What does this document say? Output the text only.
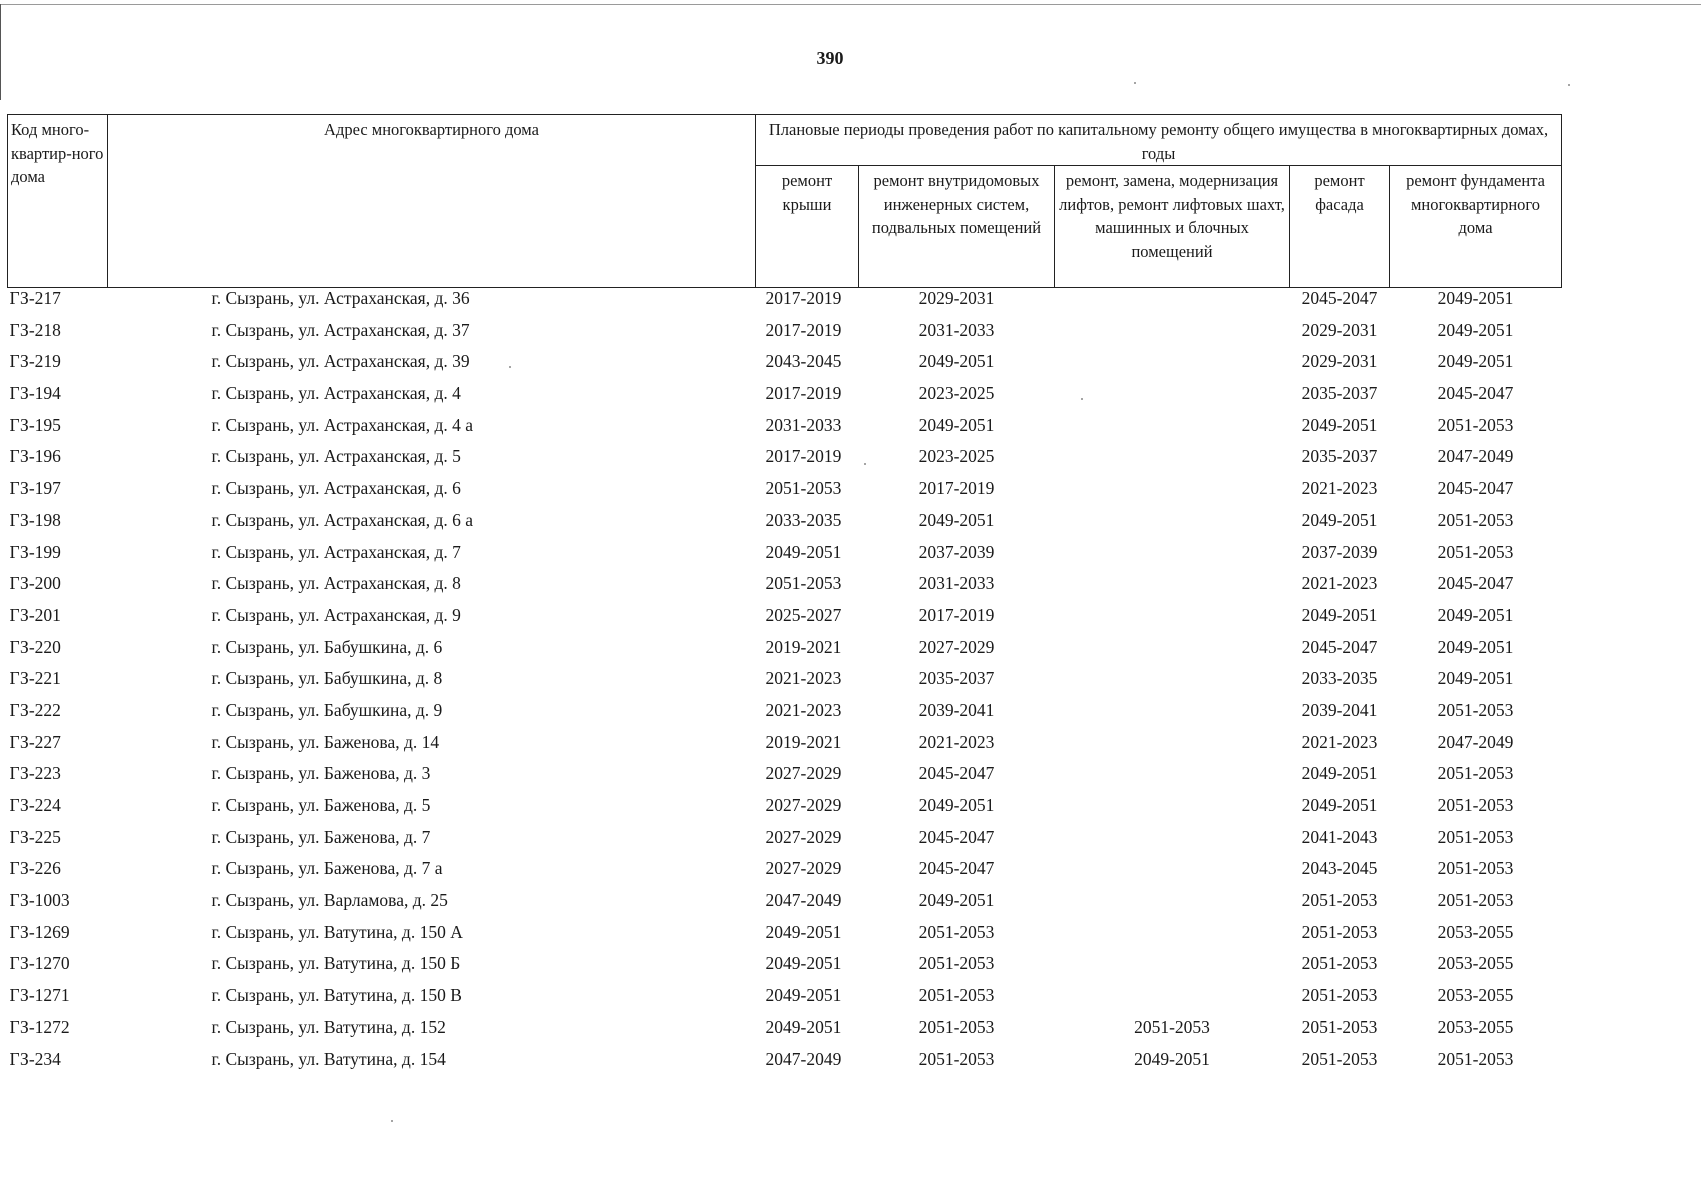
390
Код много-квартир-ного дома	Адрес многоквартирного дома	Плановые периоды проведения работ по капитальному ремонту общего имущества в многоквартирных домах, годы				
		ремонт крыши	ремонт внутридомовых инженерных систем, подвальных помещений	ремонт, замена, модернизация лифтов, ремонт лифтовых шахт, машинных и блочных помещений	ремонт фасада	ремонт фундамента многоквартирного дома
ГЗ-217	г. Сызрань, ул. Астраханская, д. 36	2017-2019	2029-2031		2045-2047	2049-2051
ГЗ-218	г. Сызрань, ул. Астраханская, д. 37	2017-2019	2031-2033		2029-2031	2049-2051
ГЗ-219	г. Сызрань, ул. Астраханская, д. 39	2043-2045	2049-2051		2029-2031	2049-2051
ГЗ-194	г. Сызрань, ул. Астраханская, д. 4	2017-2019	2023-2025		2035-2037	2045-2047
ГЗ-195	г. Сызрань, ул. Астраханская, д. 4 а	2031-2033	2049-2051		2049-2051	2051-2053
ГЗ-196	г. Сызрань, ул. Астраханская, д. 5	2017-2019	2023-2025		2035-2037	2047-2049
ГЗ-197	г. Сызрань, ул. Астраханская, д. 6	2051-2053	2017-2019		2021-2023	2045-2047
ГЗ-198	г. Сызрань, ул. Астраханская, д. 6 а	2033-2035	2049-2051		2049-2051	2051-2053
ГЗ-199	г. Сызрань, ул. Астраханская, д. 7	2049-2051	2037-2039		2037-2039	2051-2053
ГЗ-200	г. Сызрань, ул. Астраханская, д. 8	2051-2053	2031-2033		2021-2023	2045-2047
ГЗ-201	г. Сызрань, ул. Астраханская, д. 9	2025-2027	2017-2019		2049-2051	2049-2051
ГЗ-220	г. Сызрань, ул. Бабушкина, д. 6	2019-2021	2027-2029		2045-2047	2049-2051
ГЗ-221	г. Сызрань, ул. Бабушкина, д. 8	2021-2023	2035-2037		2033-2035	2049-2051
ГЗ-222	г. Сызрань, ул. Бабушкина, д. 9	2021-2023	2039-2041		2039-2041	2051-2053
ГЗ-227	г. Сызрань, ул. Баженова, д. 14	2019-2021	2021-2023		2021-2023	2047-2049
ГЗ-223	г. Сызрань, ул. Баженова, д. 3	2027-2029	2045-2047		2049-2051	2051-2053
ГЗ-224	г. Сызрань, ул. Баженова, д. 5	2027-2029	2049-2051		2049-2051	2051-2053
ГЗ-225	г. Сызрань, ул. Баженова, д. 7	2027-2029	2045-2047		2041-2043	2051-2053
ГЗ-226	г. Сызрань, ул. Баженова, д. 7 а	2027-2029	2045-2047		2043-2045	2051-2053
ГЗ-1003	г. Сызрань, ул. Варламова, д. 25	2047-2049	2049-2051		2051-2053	2051-2053
ГЗ-1269	г. Сызрань, ул. Ватутина, д. 150 А	2049-2051	2051-2053		2051-2053	2053-2055
ГЗ-1270	г. Сызрань, ул. Ватутина, д. 150 Б	2049-2051	2051-2053		2051-2053	2053-2055
ГЗ-1271	г. Сызрань, ул. Ватутина, д. 150 В	2049-2051	2051-2053		2051-2053	2053-2055
ГЗ-1272	г. Сызрань, ул. Ватутина, д. 152	2049-2051	2051-2053	2051-2053	2051-2053	2053-2055
ГЗ-234	г. Сызрань, ул. Ватутина, д. 154	2047-2049	2051-2053	2049-2051	2051-2053	2051-2053
